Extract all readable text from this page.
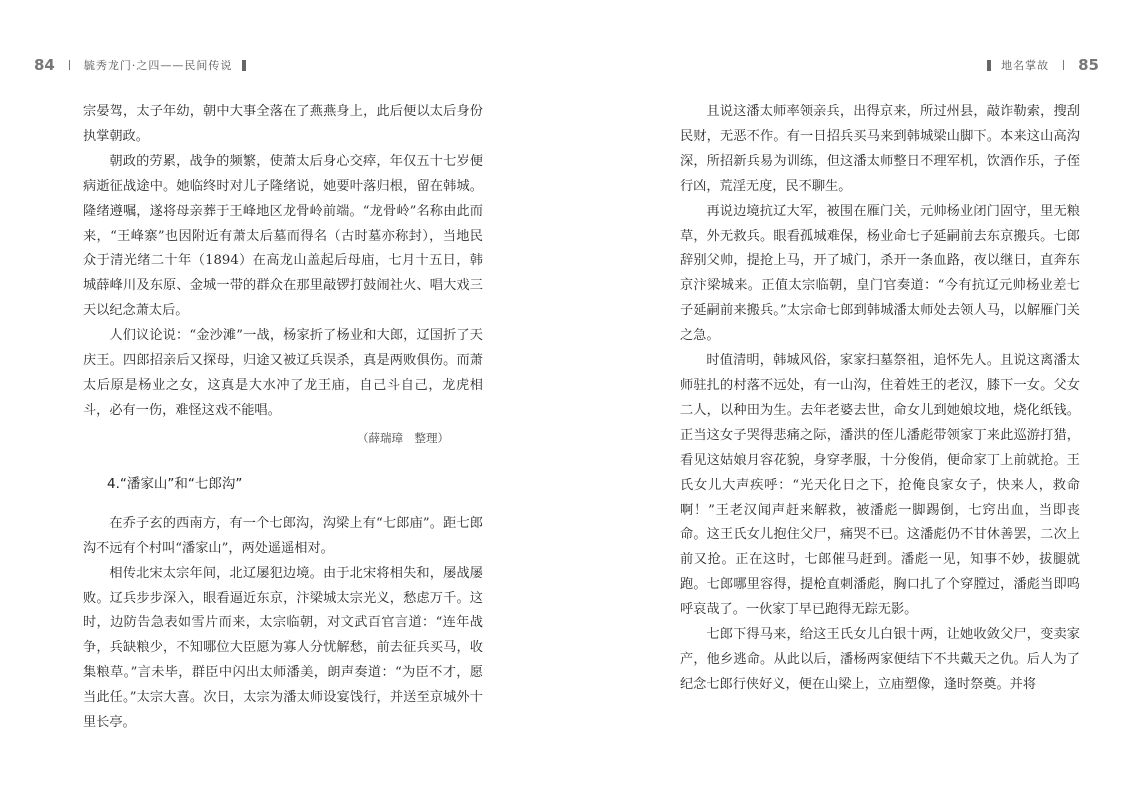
84	毓秀龙门·之四——民间传说

宗晏驾，太子年幼，朝中大事全落在了燕燕身上，此后便以太后身份执掌朝政。

朝政的劳累，战争的频繁，使萧太后身心交瘁，年仅五十七岁便病逝征战途中。她临终时对儿子隆绪说，她要叶落归根，留在韩城。隆绪遵嘱，遂将母亲葬于王峰地区龙骨岭前端。“龙骨岭”名称由此而来，“王峰寨”也因附近有萧太后墓而得名（古时墓亦称封），当地民众于清光绪二十年（1894）在高龙山盖起后母庙，七月十五日，韩城薛峰川及东原、金城一带的群众在那里敲锣打鼓闹社火、唱大戏三天以纪念萧太后。

人们议论说：“金沙滩”一战，杨家折了杨业和大郎，辽国折了天庆王。四郎招亲后又探母，归途又被辽兵误杀，真是两败俱伤。而萧太后原是杨业之女，这真是大水冲了龙王庙，自己斗自己，龙虎相斗，必有一伤，难怪这戏不能唱。

（薛瑞璋　整理）
4.“潘家山”和“七郎沟”

在乔子玄的西南方，有一个七郎沟，沟梁上有“七郎庙”。距七郎沟不远有个村叫“潘家山”，两处遥遥相对。

相传北宋太宗年间，北辽屡犯边境。由于北宋将相失和，屡战屡败。辽兵步步深入，眼看逼近东京，汴梁城太宗光义，愁虑万千。这时，边防告急表如雪片而来，太宗临朝，对文武百官言道：“连年战争，兵缺粮少，不知哪位大臣愿为寡人分忧解愁，前去征兵买马，收集粮草。”言未毕，群臣中闪出太师潘美，朗声奏道：“为臣不才，愿当此任。”太宗大喜。次日，太宗为潘太师设宴饯行，并送至京城外十里长亭。

地名掌故 85

且说这潘太师率领亲兵，出得京来，所过州县，敲诈勒索，搜刮民财，无恶不作。有一日招兵买马来到韩城梁山脚下。本来这山高沟深，所招新兵易为训练，但这潘太师整日不理军机，饮酒作乐，子侄行凶，荒淫无度，民不聊生。

再说边境抗辽大军，被围在雁门关，元帅杨业闭门固守，里无粮草，外无救兵。眼看孤城难保，杨业命七子延嗣前去东京搬兵。七郎辞别父帅，提抢上马，开了城门，杀开一条血路，夜以继日，直奔东京汴梁城来。正值太宗临朝，皇门官奏道：“今有抗辽元帅杨业差七子延嗣前来搬兵。”太宗命七郎到韩城潘太师处去领人马，以解雁门关之急。

时值清明，韩城风俗，家家扫墓祭祖，追怀先人。且说这离潘太师驻扎的村落不远处，有一山沟，住着姓王的老汉，膝下一女。父女二人，以种田为生。去年老婆去世，命女儿到她娘坟地，烧化纸钱。正当这女子哭得悲痛之际，潘洪的侄儿潘彪带领家丁来此巡游打猎，看见这姑娘月容花貌，身穿孝服，十分俊俏，便命家丁上前就抢。王氏女儿大声疾呼：“光天化日之下，抢俺良家女子，快来人，救命啊！”王老汉闻声赶来解救，被潘彪一脚踢倒，七窍出血，当即丧命。这王氏女儿抱住父尸，痛哭不已。这潘彪仍不甘休善罢，二次上前又抢。正在这时，七郎催马赶到。潘彪一见，知事不妙，拔腿就跑。七郎哪里容得，提枪直刺潘彪，胸口扎了个穿膛过，潘彪当即呜呼哀哉了。一伙家丁早已跑得无踪无影。

七郎下得马来，给这王氏女儿白银十两，让她收敛父尸，变卖家产，他乡逃命。从此以后，潘杨两家便结下不共戴天之仇。后人为了纪念七郎行侠好义，便在山梁上，立庙塑像，逢时祭奠。并将
